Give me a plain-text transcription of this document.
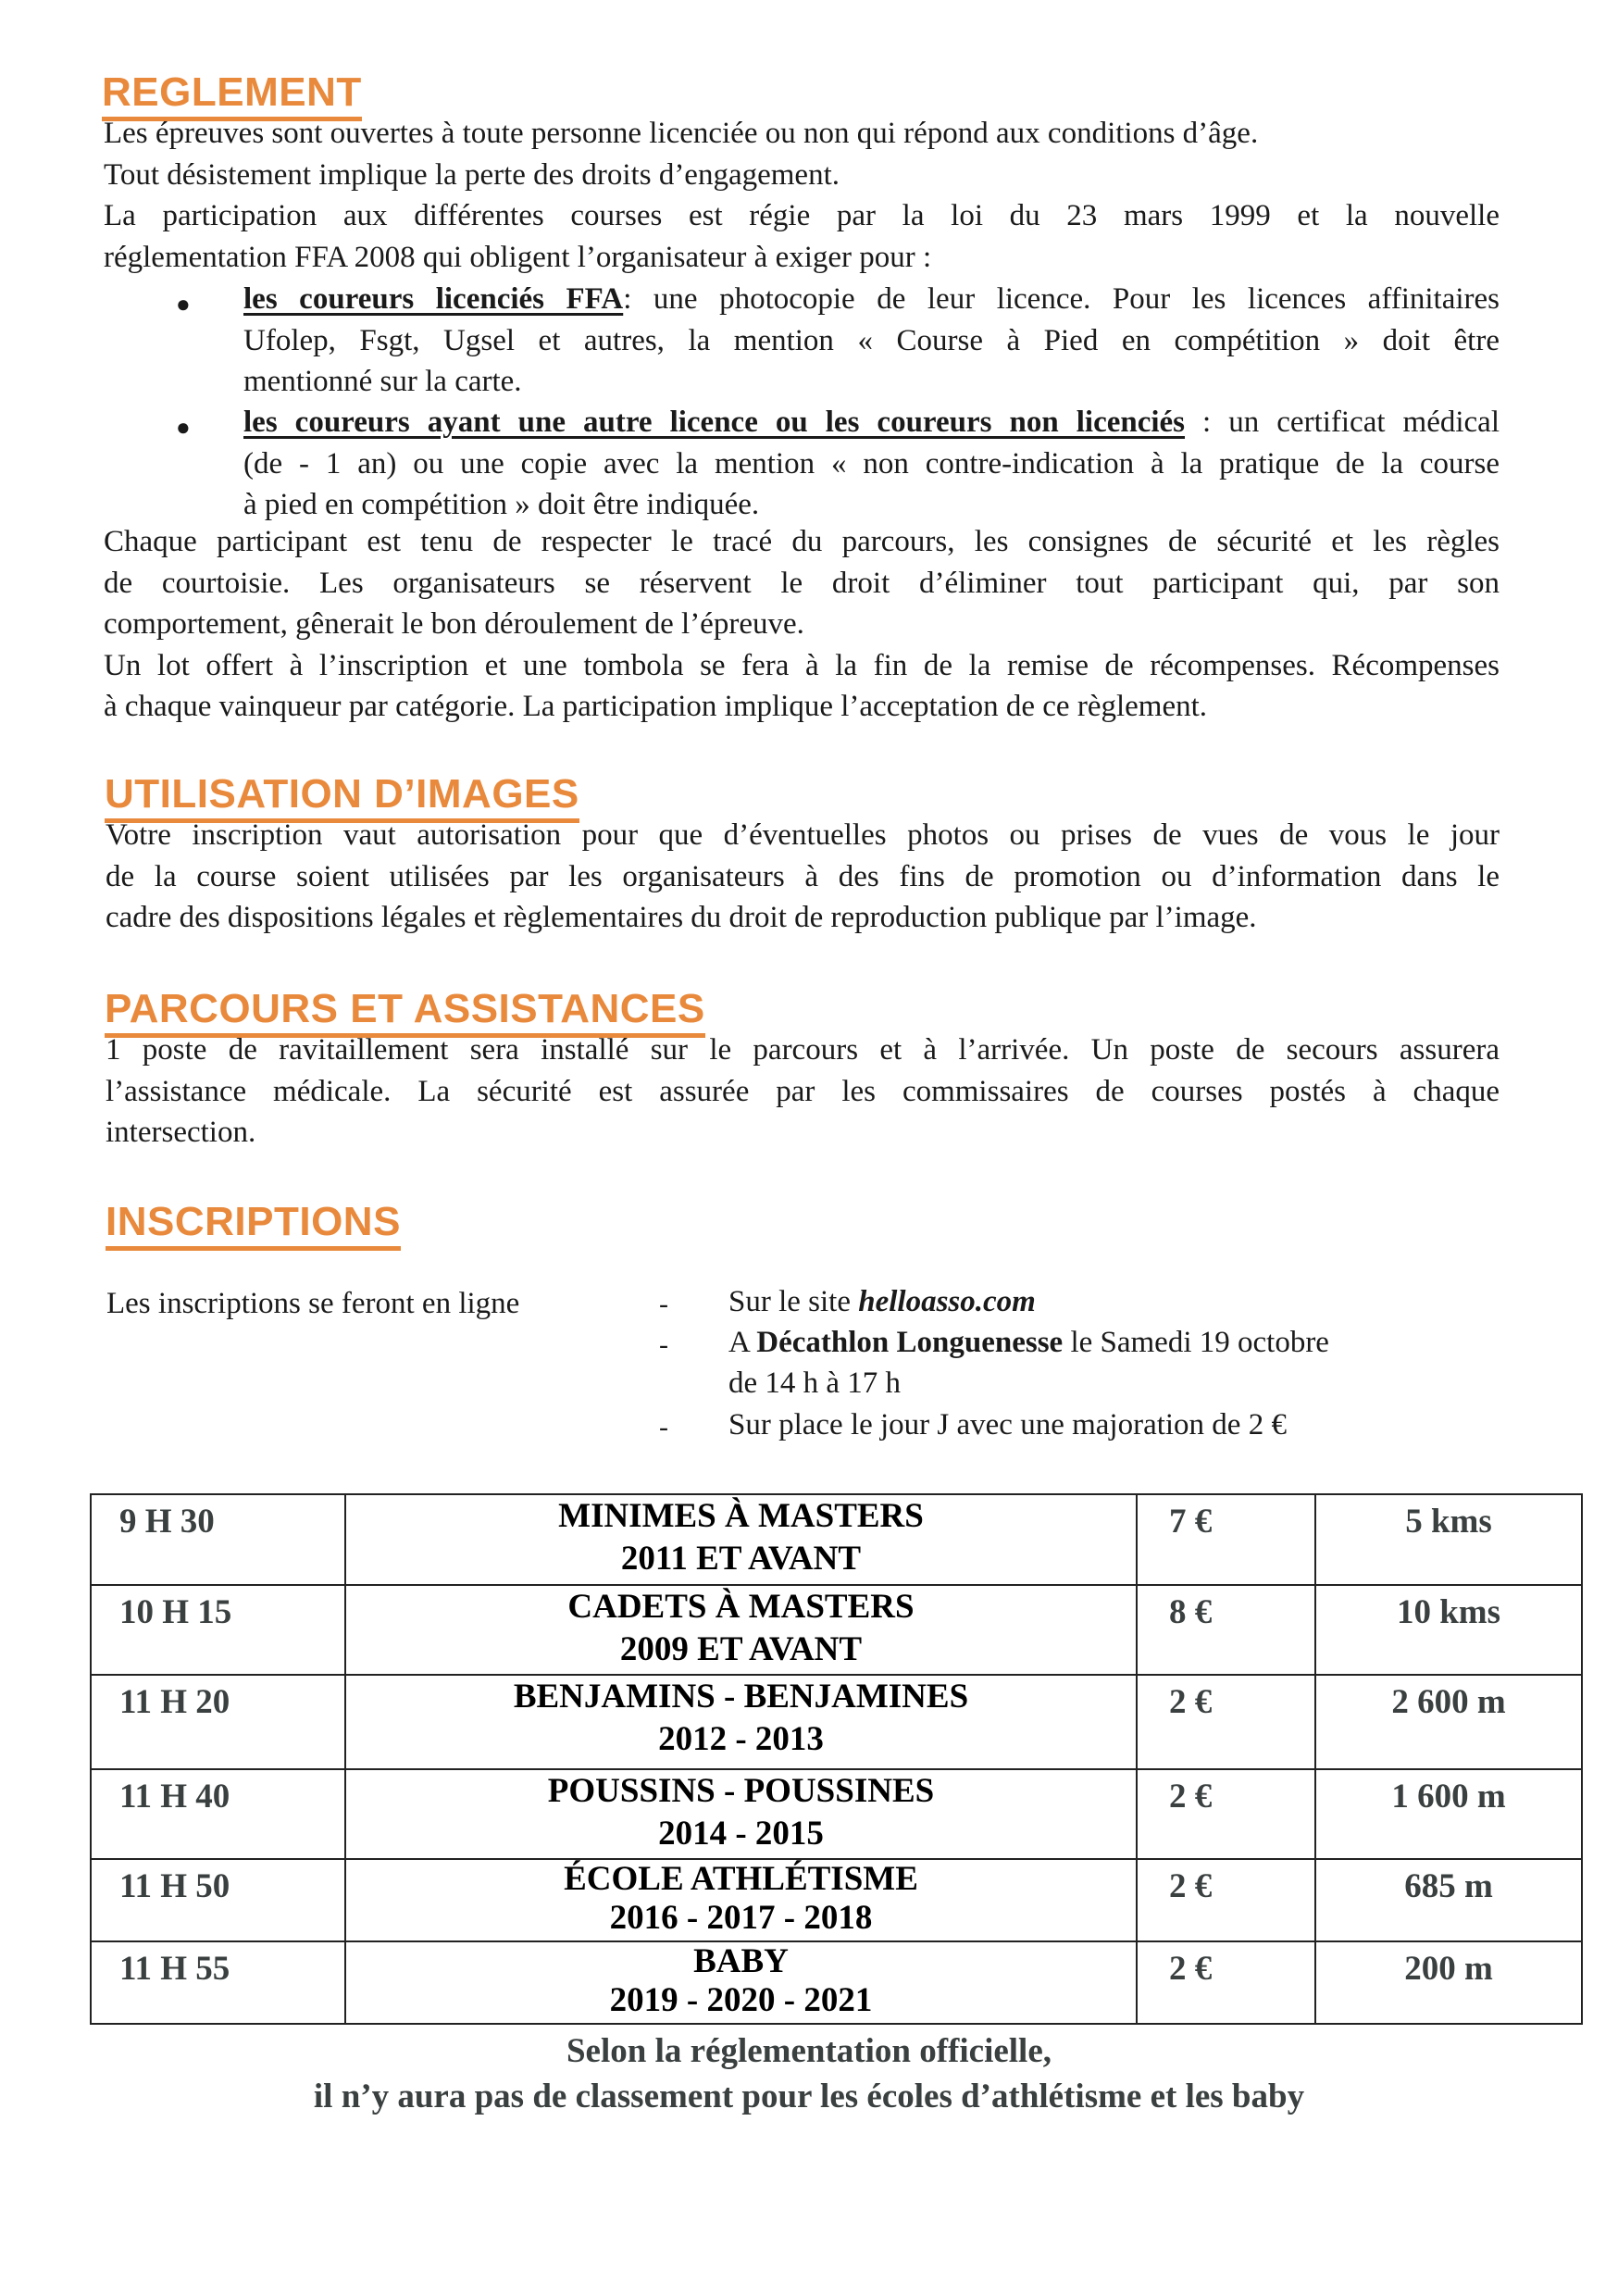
REGLEMENT
Les épreuves sont ouvertes à toute personne licenciée ou non qui répond aux conditions d’âge.
Tout désistement implique la perte des droits d’engagement.
La participation aux différentes courses est régie par la loi du 23 mars 1999 et la nouvelle
réglementation FFA 2008 qui obligent l’organisateur à exiger pour :
● les coureurs licenciés FFA: une photocopie de leur licence. Pour les licences affinitaires
Ufolep, Fsgt, Ugsel et autres, la mention « Course à Pied en compétition » doit être
mentionné sur la carte.
● les coureurs ayant une autre licence ou les coureurs non licenciés : un certificat médical
(de - 1 an) ou une copie avec la mention « non contre-indication à la pratique de la course
à pied en compétition » doit être indiquée.
Chaque participant est tenu de respecter le tracé du parcours, les consignes de sécurité et les règles
de courtoisie. Les organisateurs se réservent le droit d’éliminer tout participant qui, par son
comportement, gênerait le bon déroulement de l’épreuve.
Un lot offert à l’inscription et une tombola se fera à la fin de la remise de récompenses. Récompenses
à chaque vainqueur par catégorie. La participation implique l’acceptation de ce règlement.
UTILISATION D’IMAGES
Votre inscription vaut autorisation pour que d’éventuelles photos ou prises de vues de vous le jour
de la course soient utilisées par les organisateurs à des fins de promotion ou d’information dans le
cadre des dispositions légales et règlementaires du droit de reproduction publique par l’image.
PARCOURS ET ASSISTANCES
1 poste de ravitaillement sera installé sur le parcours et à l’arrivée. Un poste de secours assurera
l’assistance médicale. La sécurité est assurée par les commissaires de courses postés à chaque
intersection.
INSCRIPTIONS
Les inscriptions se feront en ligne	- Sur le site helloasso.com
- A Décathlon Longuenesse le Samedi 19 octobre
de 14 h à 17 h
- Sur place le jour J avec une majoration de 2 €
9 H 30	MINIMES À MASTERS
2011 ET AVANT	7 €	5 kms
10 H 15	CADETS À MASTERS
2009 ET AVANT	8 €	10 kms
11 H 20	BENJAMINS - BENJAMINES
2012 - 2013	2 €	2 600 m
11 H 40	POUSSINS - POUSSINES
2014 - 2015	2 €	1 600 m
11 H 50	ÉCOLE ATHLÉTISME
2016 - 2017 - 2018	2 €	685 m
11 H 55	BABY
2019 - 2020 - 2021	2 €	200 m
Selon la réglementation officielle,
il n’y aura pas de classement pour les écoles d’athlétisme et les baby
